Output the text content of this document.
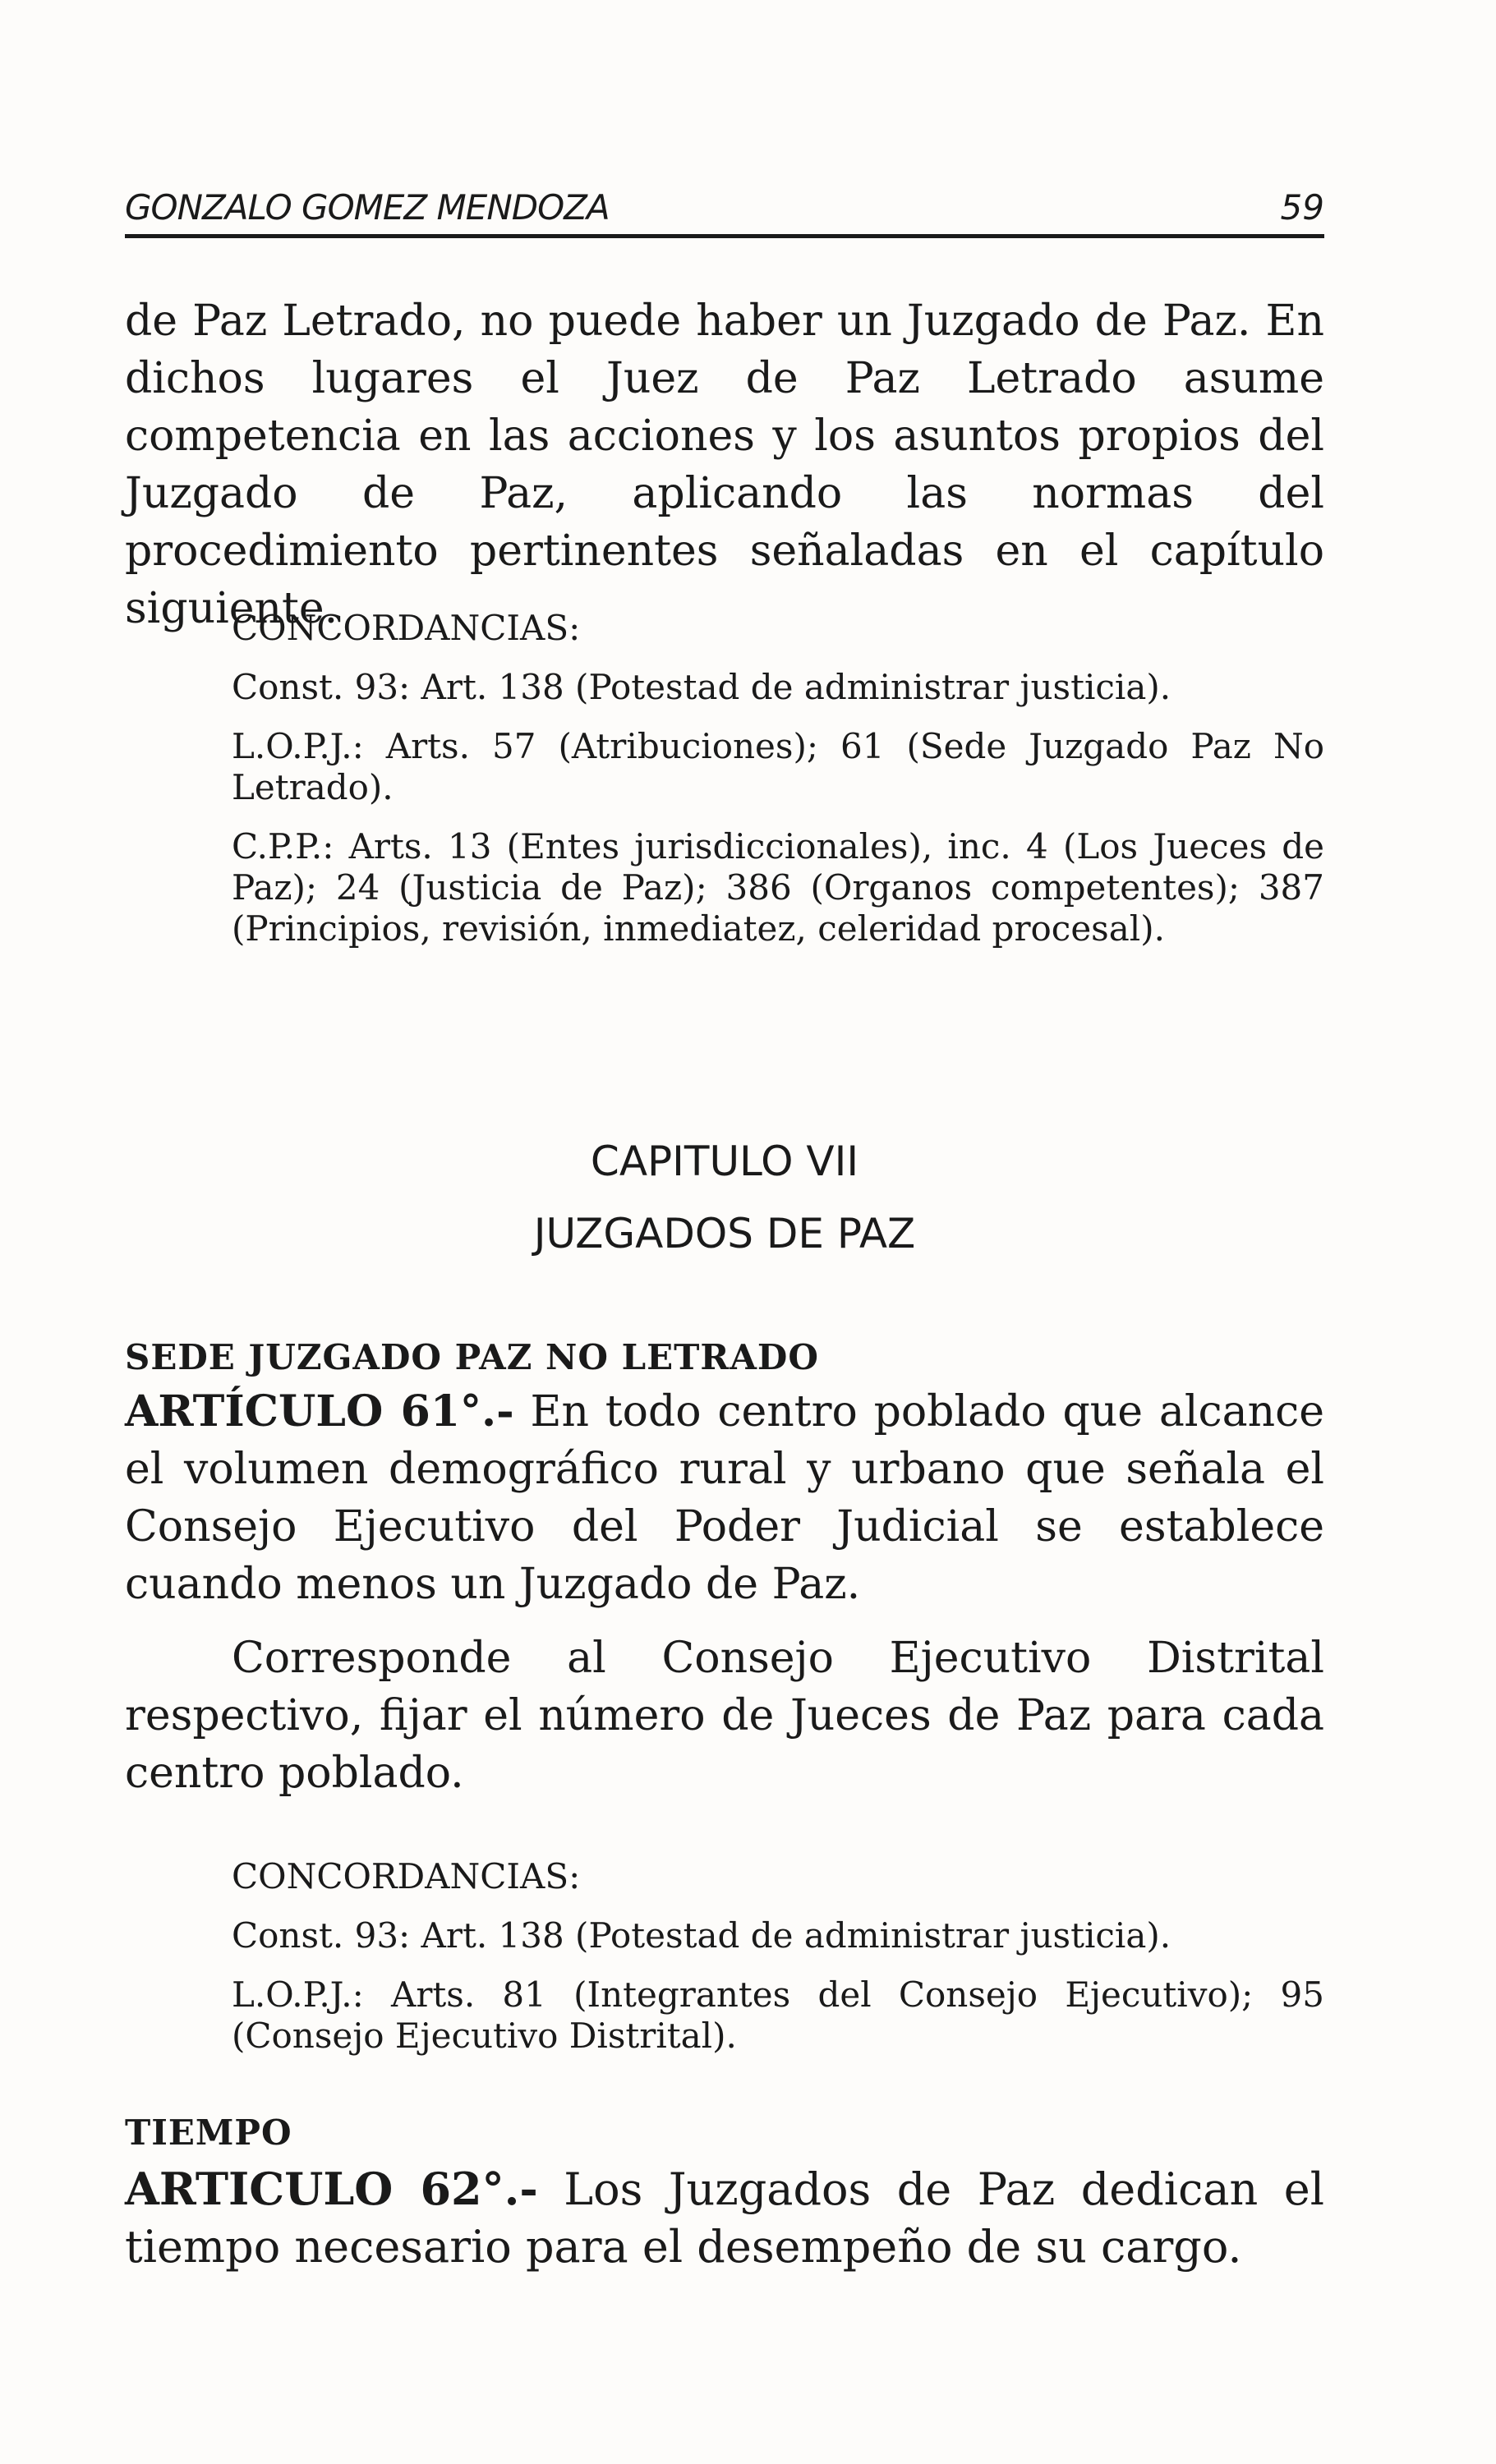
GONZALO GOMEZ MENDOZA	59
de Paz Letrado, no puede haber un Juzgado de Paz. En dichos lugares el Juez de Paz Letrado asume competencia en las acciones y los asuntos propios del Juzgado de Paz, aplicando las normas del procedimiento pertinentes señaladas en el capítulo siguiente.
CONCORDANCIAS:
Const. 93: Art. 138 (Potestad de administrar justicia).
L.O.P.J.: Arts. 57 (Atribuciones); 61 (Sede Juzgado Paz No Letrado).
C.P.P.: Arts. 13 (Entes jurisdiccionales), inc. 4 (Los Jueces de Paz); 24 (Justicia de Paz); 386 (Organos competentes); 387 (Principios, revisión, inmediatez, celeridad procesal).
CAPITULO VII
JUZGADOS DE PAZ
SEDE JUZGADO PAZ NO LETRADO
ARTÍCULO 61°.- En todo centro poblado que alcance el volumen demográfico rural y urbano que señala el Consejo Ejecutivo del Poder Judicial se establece cuando menos un Juzgado de Paz.
Corresponde al Consejo Ejecutivo Distrital respectivo, fijar el número de Jueces de Paz para cada centro poblado.
CONCORDANCIAS:
Const. 93: Art. 138 (Potestad de administrar justicia).
L.O.P.J.: Arts. 81 (Integrantes del Consejo Ejecutivo); 95 (Consejo Ejecutivo Distrital).
TIEMPO
ARTICULO 62°.- Los Juzgados de Paz dedican el tiempo necesario para el desempeño de su cargo.
